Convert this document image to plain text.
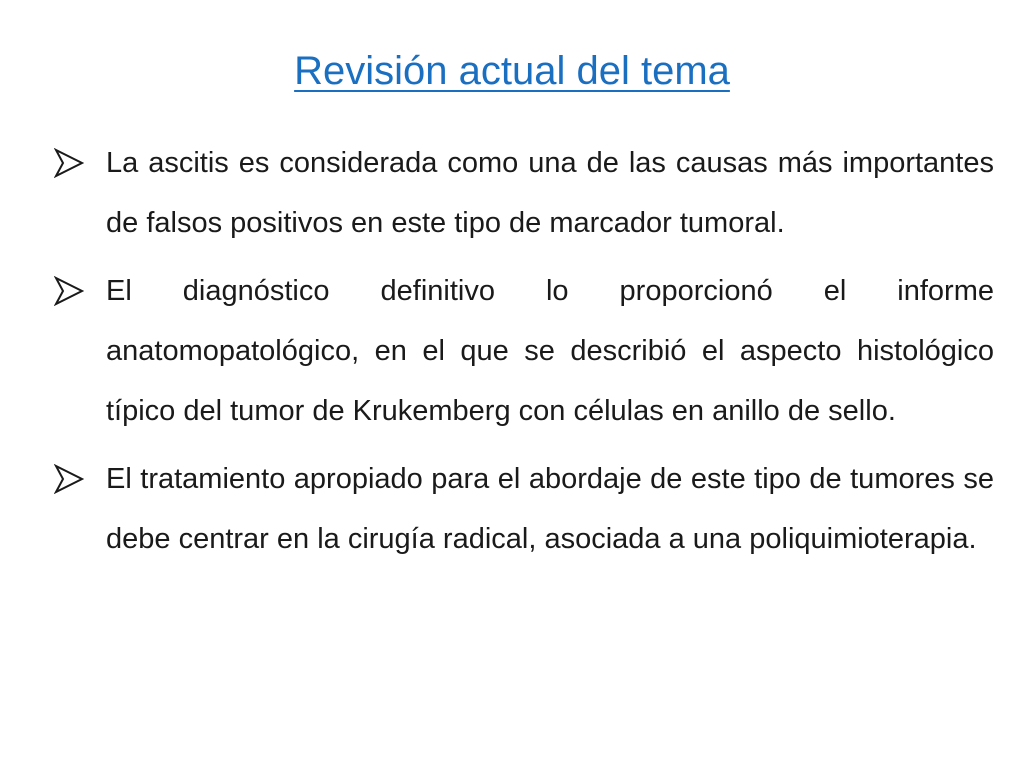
Revisión actual del tema
La ascitis es considerada como una de las causas más importantes de falsos positivos en este tipo de marcador tumoral.
El diagnóstico definitivo lo proporcionó el informe anatomopatológico, en el que se describió el aspecto histológico típico del tumor de Krukemberg con células en anillo de sello.
El tratamiento apropiado para el abordaje de este tipo de tumores se debe centrar en la cirugía radical, asociada a una poliquimioterapia.
